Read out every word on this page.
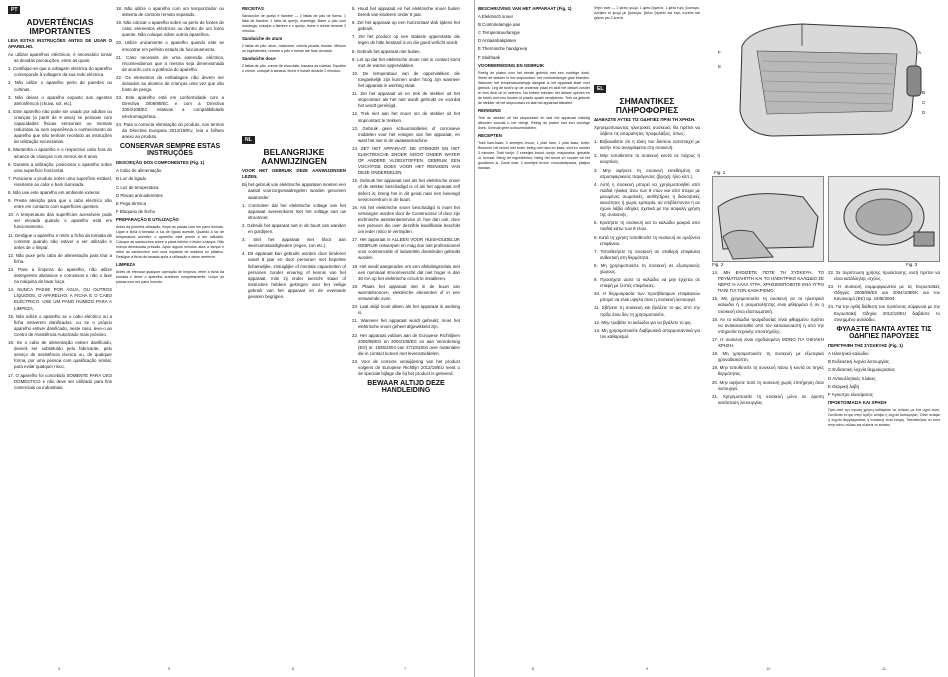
PT
ADVERTÊNCIAS IMPORTANTES
LEIA ESTAS INSTRUÇÕES ANTES DE USAR O APARELHO.
Ao utilizar aparelhos eléctricos, é necessário tomar as devidas precauções, entre as quais:
1. Certifique-se que a voltagem eléctrica do aparelho corresponde à voltagem da sua rede eléctrica.
2. Não utilize o aparelho perto de paredes ou cortinas.
3. Não deixar o aparelho exposto aos agentes atmosféricos (chuva, sol, etc).
4. Este aparelho não pode ser usado por adultos ou crianças (a partir de 8 anos) se pessoas com capacidades físicas sensoriais ou mentais reduzidas ou sem experiência e conhecimento do aparelho que não tenham recebido as instruções de utilização necessárias.
5. Mantenha o aparelho e o respectivo cabo fora do alcance de crianças com menos de 8 anos.
6. Durante a utilização, posicionar o aparelho sobre uma superfície horizontal.
7. Posicione o produto sobre uma superfície estável, resistente ao calor e bem iluminada.
8. Não use este aparelho em ambiente exterior.
9. Preste atenção para que o cabo eléctrico não entre em contacto com superfícies quentes.
10. A temperatura das superfícies acessíveis pode ser elevada quando o aparelho está em funcionamento.
11. Desligue o aparelho e retire a ficha da tomada de corrente quando não estiver a ser utilizado e antes de o limpar.
12. Não puxe pelo cabo de alimentação para tirar a ficha.
13. Para a limpeza do aparelho, não utilize detergentes abrasivos e corrosivos e não o lave na máquina de lavar loiça.
14. NUNCA PASSE POR ÁGUA, OU OUTROS LÍQUIDOS, O APARELHO, A FICHA E O CABO ELÉCTRICO. USE UM PANO HÚMIDO PARA A LIMPEZA.
15. Não utilize o aparelho se o cabo eléctrico ou a ficha estiverem danificados, ou se o próprio aparelho estiver danificado, neste caso, leve-o ao Centro de Assistência Autorizado mais próximo.
16. Se o cabo de alimentação estiver danificado, deverá ser substituído pelo fabricante, pelo serviço de assistência técnica ou, de qualquer forma, por uma pessoa com qualificação similar, para evitar qualquer risco.
17. O aparelho foi concebido SOMENTE PARA USO DOMÉSTICO e não deve ser utilizado para fins comerciais ou industriais.
4
18. Não utilize o aparelho com um temporizador ou sistema de controlo remoto separado.
19. Não colocar o aparelho sobre ou perto de fontes de calor, elementos eléctricos ou dentro de um forno quente. Não coloque sobre outros aparelhos.
20. Utilize unicamente o aparelho quando este se encontrar em perfeito estado de funcionamento.
21. Caso necessite de uma extensão eléctrica, recomendamos que a mesma seja dimensionada de acordo com a potência do aparelho.
22. Os elementos da embalagem não devem ser deixados ao alcance de crianças uma vez que são fonte de perigo.
23. Este aparelho está em conformidade com a Directiva 2006/95/EC e com a Directiva 2004/108/EC relativas a compatibilidade electromagnética.
24. Para a correcta eliminação do produto, nos termos da Directiva Europeia 2012/19/EU, leia o folheto anexo ao produto.
CONSERVAR SEMPRE ESTAS INSTRUÇÕES
DESCRIÇÃO DOS COMPONENTES (Fig. 1)
A Cabo de alimentação
B Luz de ligado
C Luz de temperatura
D Placas anti-aderentes
E Pega térmica
F Bloqueio de fecho
PREPARAÇÃO E UTILIZAÇÃO
Antes da primeira utilização, limpe as placas com um pano húmido. Ligue a ficha à tomada: a luz de ligado acende. Quando a luz de temperatura acender, o aparelho está pronto a ser utilizado. Coloque as sanduíches sobre a placa inferior e feche a tampa. Não exerça demasiada pressão. Após alguns minutos abra a tampa e retire as sanduíches com uma espátula de madeira ou plástico. Desligue a ficha da tomada após a utilização e deixe arrefecer.
LIMPEZA
Antes de efectuar qualquer operação de limpeza, retire a ficha da tomada e deixe o aparelho arrefecer completamente. Limpe as placas com um pano húmido.
5
RECEITAS
Sanduíche de queijo e fiambre — 2 fatias de pão de forma, 1 fatia de fiambre, 1 fatia de queijo, manteiga. Barre o pão com manteiga, coloque o fiambre e o queijo, feche e tueste durante 3 minutos.
Sanduíche de atum
2 fatias de pão, atum, maionese, cebola picada, tomate. Misture os ingredientes, recheie o pão e tueste até ficar dourado.
Sanduíche doce
2 fatias de pão, creme de chocolate, banana às rodelas. Espalhe o creme, coloque a banana, feche e tueste durante 2 minutos.
NL
BELANGRIJKE AANWIJZINGEN
VOOR HET GEBRUIK DEZE AANWIJZINGEN LEZEN.
Bij het gebruik van elektrische apparaten moeten een aantal voorzorgsmaatregelen worden genomen waaronder:
1. Controleer dat het elektrische voltage van het apparaat overeenkomt met het voltage van uw stroomnet.
2. Gebruik het apparaat niet in de buurt van wanden en gordijnen.
3. Stel het apparaat niet bloot aan weersomstandigheden (regen, zon etc.).
4. Dit apparaat kan gebruikt worden door kinderen vanaf 8 jaar en door personen met beperkte lichamelijke, zintuiglijke of mentale capaciteiten of personen zonder ervaring of kennis van het apparaat, mits zij onder toezicht staan of instructies hebben gekregen over het veilige gebruik van het apparaat en de eventuele gevaren begrijpen.
6
5. Houd het apparaat en het elektrische snoer buiten bereik van kinderen onder 8 jaar.
6. Zet het apparaat op een horizontaal vlak tijdens het gebruik.
7. Zet het product op een stabiele oppervlakte die tegen de hitte bestand is en die goed verlicht wordt.
8. Gebruik het apparaat niet buiten.
9. Let op dat het elektrische snoer niet in contact komt met de warme oppervlakken.
10. De temperatuur van de oppervlakken die toegankelijk zijn kunnen onder hoog zijn wanneer het apparaat in werking staat.
11. Zet het apparaat uit en trek de stekker uit het stopcontact als het niet wordt gebruikt en voordat het wordt gereinigd.
12. Trek niet aan het snoer om de stekker uit het stopcontact te trekken.
13. Gebruik geen schuurmiddelen of corrosieve middelen voor het reinigen van het apparaat, en wast het niet in de vaatwasmachine.
14. ZET HET APPARAAT, DE STEKKER EN HET ELEKTRISCHE SNOER NOOIT ONDER WATER OF ANDERE VLOEISTOFFEN. GEBRUIK EEN VOCHTIGE DOEK VOOR HET REINIGEN VAN DEZE ONDERDELEN.
15. Gebruik het apparaat niet als het elektrische snoer of de stekker beschadigd is of als het apparaat zelf defect is; breng het in dit geval naar een bevoegd servicecentrum in de buurt.
16. Als het elektrische snoer beschadigd is moet het vervangen worden door de Constructeur of door zijn technische assistentieservice of, hoe dan ook, door een persoon die over dezelfde kwalificatie beschikt om ieder risico te vermijden.
17. Het apparaat is ALLEEN VOOR HUISHOUDELIJK GEBRUIK ontworpen en mag dus niet professioneel voor commerciële of industriële doeleinden gebruikt worden.
18. Het wordt aangeraden om een afsluitingsrelais met een nominaal stroomverschil dat niet hoger is dan 30 mA op het elektrische circuit te installeren.
19. Plaats het apparaat niet in de buurt van warmtebronnen, elektrische elementen of in een verwarmde oven.
20. Laat altijd nooit alleen als het apparaat in werking is.
21. Wanneer het apparaat wordt gebruikt, moet het elektrische snoer geheel afgewikkeld zijn.
22. Het apparaat voldoet aan de Europese Richtlijnen 2006/95/EG en 2004/108/EG en aan Verordening (EG) nr. 1935/2004 van 27/10/2004 over materialen die in contact komen met levensmiddelen.
23. Voor de correcte verwijdering van het product volgens de Europese Richtlijn 2012/19/EU leest u de speciale bijlage die bij het product is geleverd.
BEWAAR ALTIJD DEZE HANDLEIDING
7
BESCHRIJVING VAN HET APPARAAT (Fig. 1)
A Elektrisch snoer
B Controlelampje aan
C Temperatuurlampje
D Antiaanbakplaten
E Thermische handgreep
F Sluithaak
VOORBEREIDING EN GEBRUIK
Reinig de platen voor het eerste gebruik met een vochtige doek. Steek de stekker in het stopcontact: het controlelampje gaat branden. Wanneer het temperatuurlampje aangaat is het apparaat klaar voor gebruik. Leg de tosti's op de onderste plaat en sluit het deksel zonder te veel druk uit te oefenen. Na enkele minuten het deksel openen en de tosti's met een houten of plastic spatel verwijderen. Trek na gebruik de stekker uit het stopcontact en laat het apparaat afkoelen.
REINIGING
Trek de stekker uit het stopcontact en laat het apparaat volledig afkoelen voordat u het reinigt. Reinig de platen met een vochtige doek. Gebruik geen schuurmiddelen.
RECEPTEN
Tosti ham-kaas: 2 sneetjes brood, 1 plak ham, 1 plak kaas, boter. Besmeer het brood met boter, beleg met ham en kaas, sluit en rooster 3 minuten. Tosti tonijn: 2 sneetjes brood, tonijn, mayonaise, gehakte ui, tomaat. Meng de ingrediënten, beleg het brood en rooster tot het goudbruin is. Zoete tosti: 2 sneetjes brood, chocoladepasta, plakjes banaan.
8
Ψητό τοστ — 2 φέτες ψωμί, 1 φέτα ζαμπόν, 1 φέτα τυρί, βούτυρο. Αλείψτε το ψωμί με βούτυρο, βάλτε ζαμπόν και τυρί, κλείστε και ψήστε για 3 λεπτά.
EL
ΣΗΜΑΝΤΙΚΕΣ ΠΛΗΡΟΦΟΡΙΕΣ
ΔΙΑΒΑΣΤΕ ΑΥΤΕΣ ΤΙΣ ΟΔΗΓΙΕΣ ΠΡΙΝ ΤΗ ΧΡΗΣΗ.
Χρησιμοποιώντας ηλεκτρικές συσκευές θα πρέπει να λάβετε τις απαραίτητες προφυλάξεις, όπως:
1. Βεβαιωθείτε ότι η τάση του δικτύου αντιστοιχεί με αυτήν που αναγράφεται στη συσκευή.
2. Μην τοποθετείτε τη συσκευή κοντά σε τοίχους ή κουρτίνες.
3. Μην αφήνετε τη συσκευή εκτεθειμένη σε ατμοσφαιρικούς παράγοντες (βροχή, ήλιο κλπ.).
4. Αυτή η συσκευή μπορεί να χρησιμοποιηθεί από παιδιά ηλικίας άνω των 8 ετών και από άτομα με μειωμένες σωματικές, αισθητήριες ή διανοητικές ικανότητες ή χωρίς εμπειρία, αν επιβλέπονται ή αν έχουν λάβει οδηγίες σχετικά με την ασφαλή χρήση της συσκευής.
5. Κρατήστε τη συσκευή και το καλώδιο μακριά από παιδιά κάτω των 8 ετών.
6. Κατά τη χρήση τοποθετείτε τη συσκευή σε οριζόντια επιφάνεια.
7. Τοποθετήστε τη συσκευή σε σταθερή επιφάνεια ανθεκτική στη θερμότητα.
8. Μη χρησιμοποιείτε τη συσκευή σε εξωτερικούς χώρους.
9. Προσέχετε ώστε το καλώδιο να μην έρχεται σε επαφή με ζεστές επιφάνειες.
10. Η θερμοκρασία των προσβάσιμων επιφανειών μπορεί να είναι υψηλή όταν η συσκευή λειτουργεί.
11. Σβήνετε τη συσκευή και βγάζετε το φις από την πρίζα όταν δεν τη χρησιμοποιείτε.
12. Μην τραβάτε το καλώδιο για να βγάλετε το φις.
13. Μη χρησιμοποιείτε διαβρωτικά απορρυπαντικά για τον καθαρισμό.
9
A
B
C
D
E
F
Fig. 1
Fig. 2	Fig. 3
14. ΜΗ ΒΥΘΙΖΕΤΕ ΠΟΤΕ ΤΗ ΣΥΣΚΕΥΗ, ΤΟ ΡΕΥΜΑΤΟΛΗΠΤΗ ΚΑΙ ΤΟ ΗΛΕΚΤΡΙΚΟ ΚΑΛΩΔΙΟ ΣΕ ΝΕΡΟ Ή ΑΛΛΑ ΥΓΡΑ. ΧΡΗΣΙΜΟΠΟΙΕΙΤΕ ΕΝΑ ΥΓΡΟ ΠΑΝΙ ΓΙΑ ΤΟΝ ΚΑΘΑΡΙΣΜΟ.
15. Μη χρησιμοποιείτε τη συσκευή αν το ηλεκτρικό καλώδιο ή ο ρευματολήπτης είναι φθαρμένα ή αν η συσκευή είναι ελαττωματική.
16. Αν το καλώδιο τροφοδοσίας είναι φθαρμένο πρέπει να αντικατασταθεί από τον κατασκευαστή ή από την υπηρεσία τεχνικής υποστήριξης.
17. Η συσκευή είναι σχεδιασμένη ΜΟΝΟ ΓΙΑ ΟΙΚΙΑΚΗ ΧΡΗΣΗ.
18. Μη χρησιμοποιείτε τη συσκευή με εξωτερικό χρονοδιακόπτη.
19. Μην τοποθετείτε τη συσκευή πάνω ή κοντά σε πηγές θερμότητας.
20. Μην αφήνετε ποτέ τη συσκευή χωρίς επιτήρηση όταν λειτουργεί.
21. Χρησιμοποιείτε τη συσκευή μόνο σε άριστη κατάσταση λειτουργίας.
10
22. Σε περίπτωση χρήσης προέκτασης, αυτή πρέπει να είναι κατάλληλης ισχύος.
23. Η συσκευή συμμορφώνεται με τις Ευρωπαϊκές Οδηγίες 2006/95/ΕΚ και 2004/108/ΕΚ και τον Κανονισμό (ΕΚ) αρ. 1935/2004.
24. Για την ορθή διάθεση του προϊόντος σύμφωνα με την Ευρωπαϊκή Οδηγία 2012/19/EU διαβάστε το συνημμένο φυλλάδιο.
ΦΥΛΑΞΤΕ ΠΑΝΤΑ ΑΥΤΕΣ ΤΙΣ ΟΔΗΓΙΕΣ ΠΑΡΟΥΣΕΣ
ΠΕΡΙΓΡΑΦΗ ΤΗΣ ΣΥΣΚΕΥΗΣ (Fig. 1)
A Ηλεκτρικό καλώδιο
B Ενδεικτική λυχνία λειτουργίας
C Ενδεικτική λυχνία θερμοκρασίας
D Αντικολλητικές πλάκες
E Θερμική λαβή
F Άγκιστρο κλεισίματος
ΠΡΟΕΤΟΙΜΑΣΙΑ ΚΑΙ ΧΡΗΣΗ
Πριν από την πρώτη χρήση καθαρίστε τις πλάκες με ένα υγρό πανί. Συνδέστε το φις στην πρίζα: ανάβει η λυχνία λειτουργίας. Όταν ανάψει η λυχνία θερμοκρασίας η συσκευή είναι έτοιμη. Τοποθετήστε τα τοστ στην κάτω πλάκα και κλείστε το καπάκι.
11
